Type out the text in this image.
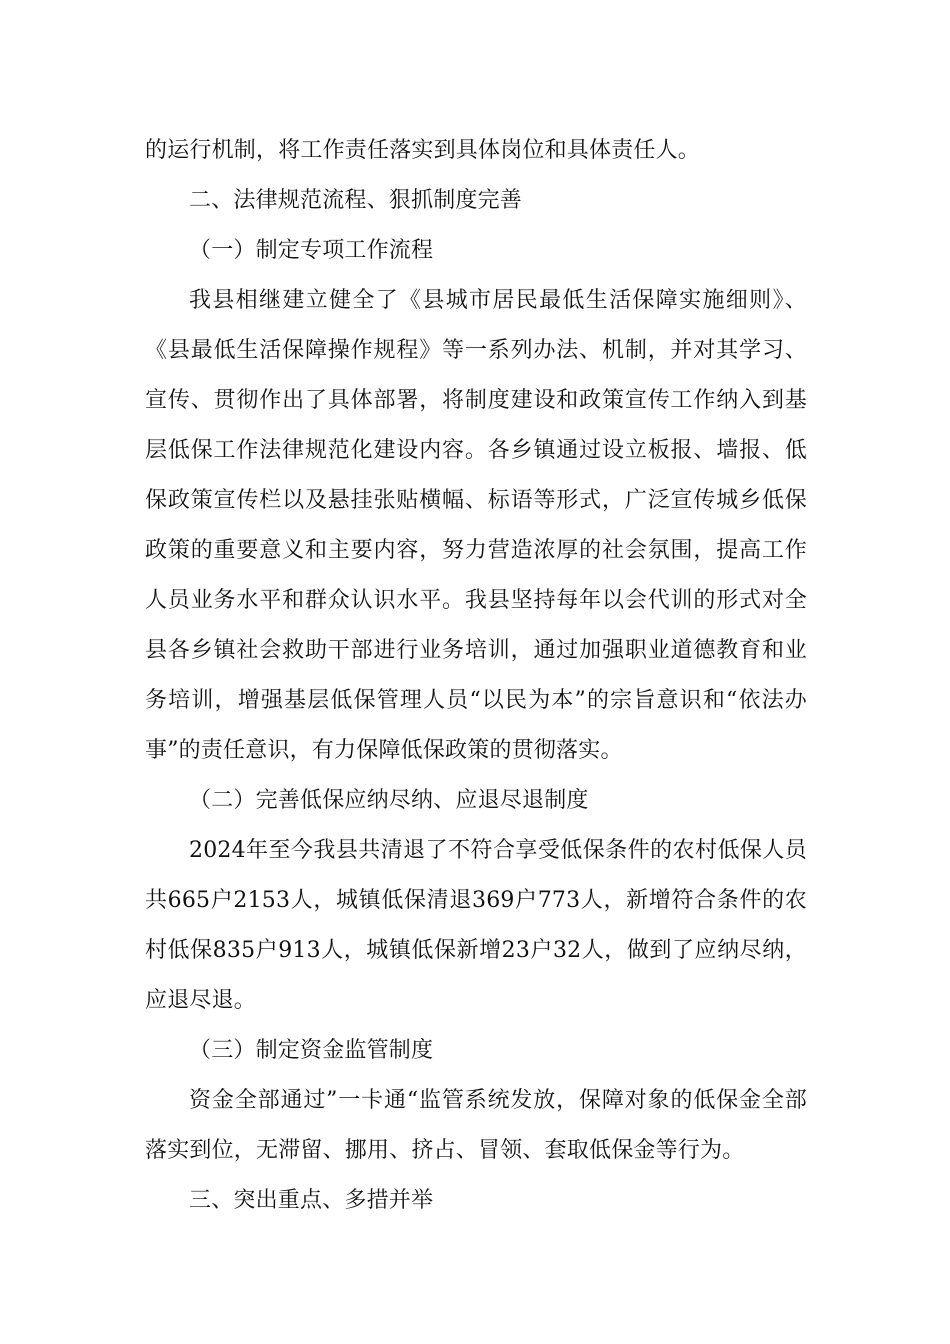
的运行机制，将工作责任落实到具体岗位和具体责任人。

二、法律规范流程、狠抓制度完善

（一）制定专项工作流程

我县相继建立健全了《县城市居民最低生活保障实施细则》、《县最低生活保障操作规程》等一系列办法、机制，并对其学习、宣传、贯彻作出了具体部署，将制度建设和政策宣传工作纳入到基层低保工作法律规范化建设内容。各乡镇通过设立板报、墙报、低保政策宣传栏以及悬挂张贴横幅、标语等形式，广泛宣传城乡低保政策的重要意义和主要内容，努力营造浓厚的社会氛围，提高工作人员业务水平和群众认识水平。我县坚持每年以会代训的形式对全县各乡镇社会救助干部进行业务培训，通过加强职业道德教育和业务培训，增强基层低保管理人员“以民为本”的宗旨意识和“依法办事”的责任意识，有力保障低保政策的贯彻落实。

（二）完善低保应纳尽纳、应退尽退制度

2024年至今我县共清退了不符合享受低保条件的农村低保人员共665户2153人，城镇低保清退369户773人，新增符合条件的农村低保835户913人，城镇低保新增23户32人，做到了应纳尽纳，应退尽退。

（三）制定资金监管制度

资金全部通过”一卡通“监管系统发放，保障对象的低保金全部落实到位，无滞留、挪用、挤占、冒领、套取低保金等行为。

三、突出重点、多措并举
